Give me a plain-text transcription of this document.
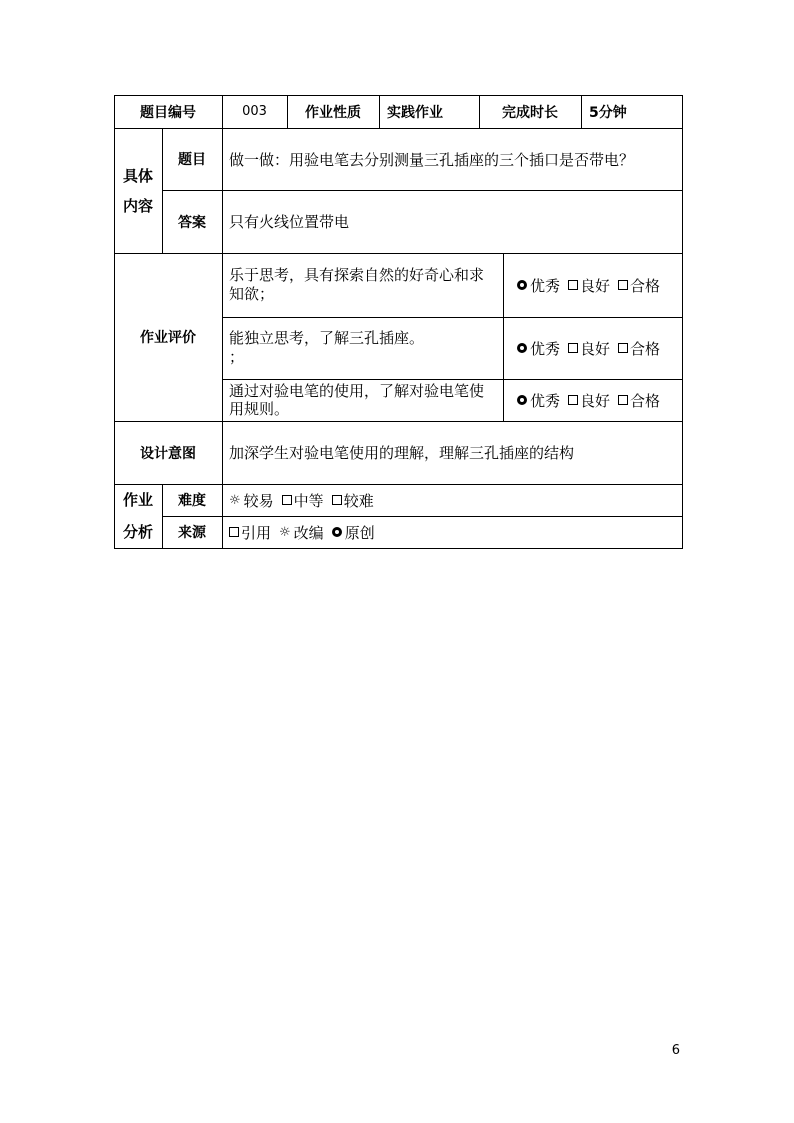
题目编号	003	作业性质	实践作业	完成时长	5分钟
具体
内容
题目	做一做：用验电笔去分别测量三孔插座的三个插口是否带电？
答案	只有火线位置带电
作业评价
乐于思考，具有探索自然的好奇心和求
知欲；	优秀 良好 合格
能独立思考，了解三孔插座。
；	优秀 良好 合格
通过对验电笔的使用，了解对验电笔使
用规则。	优秀 良好 合格
设计意图	加深学生对验电笔使用的理解，理解三孔插座的结构
作业
分析
难度	☼ 较易 中等 较难
来源	引用 ☼ 改编 原创
6
